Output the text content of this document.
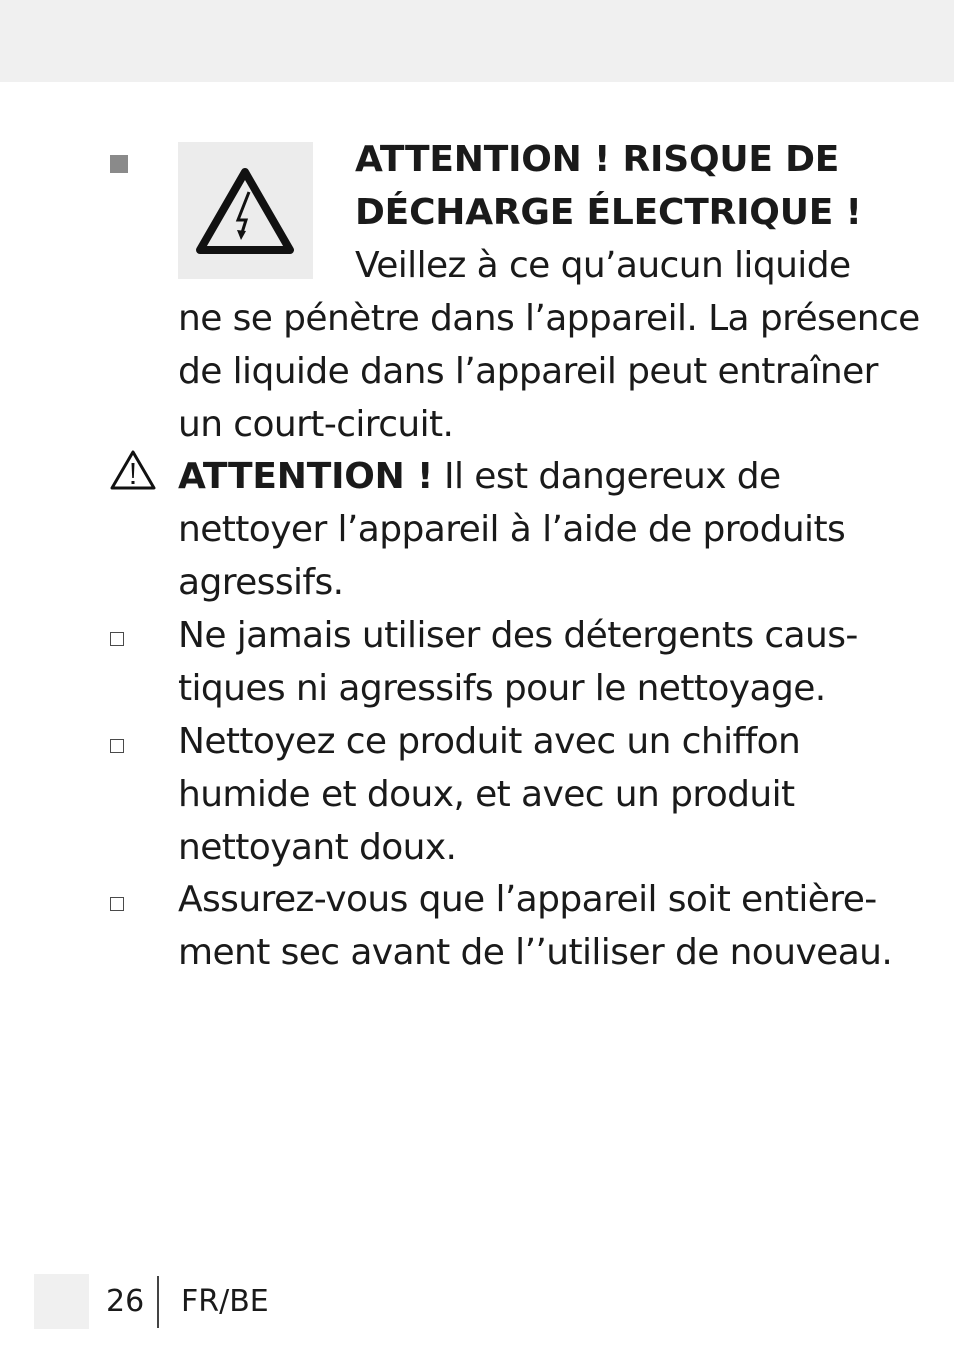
ATTENTION ! RISQUE DE
DÉCHARGE ÉLECTRIQUE !
Veillez à ce qu’aucun liquide
ne se pénètre dans l’appareil. La présence
de liquide dans l’appareil peut entraîner
un court-circuit.
ATTENTION ! Il est dangereux de
nettoyer l’appareil à l’aide de produits
agressifs.
Ne jamais utiliser des détergents caus-
tiques ni agressifs pour le nettoyage.
Nettoyez ce produit avec un chiffon
humide et doux, et avec un produit
nettoyant doux.
Assurez-vous que l’appareil soit entière-
ment sec avant de l’’utiliser de nouveau.
26 FR/BE
